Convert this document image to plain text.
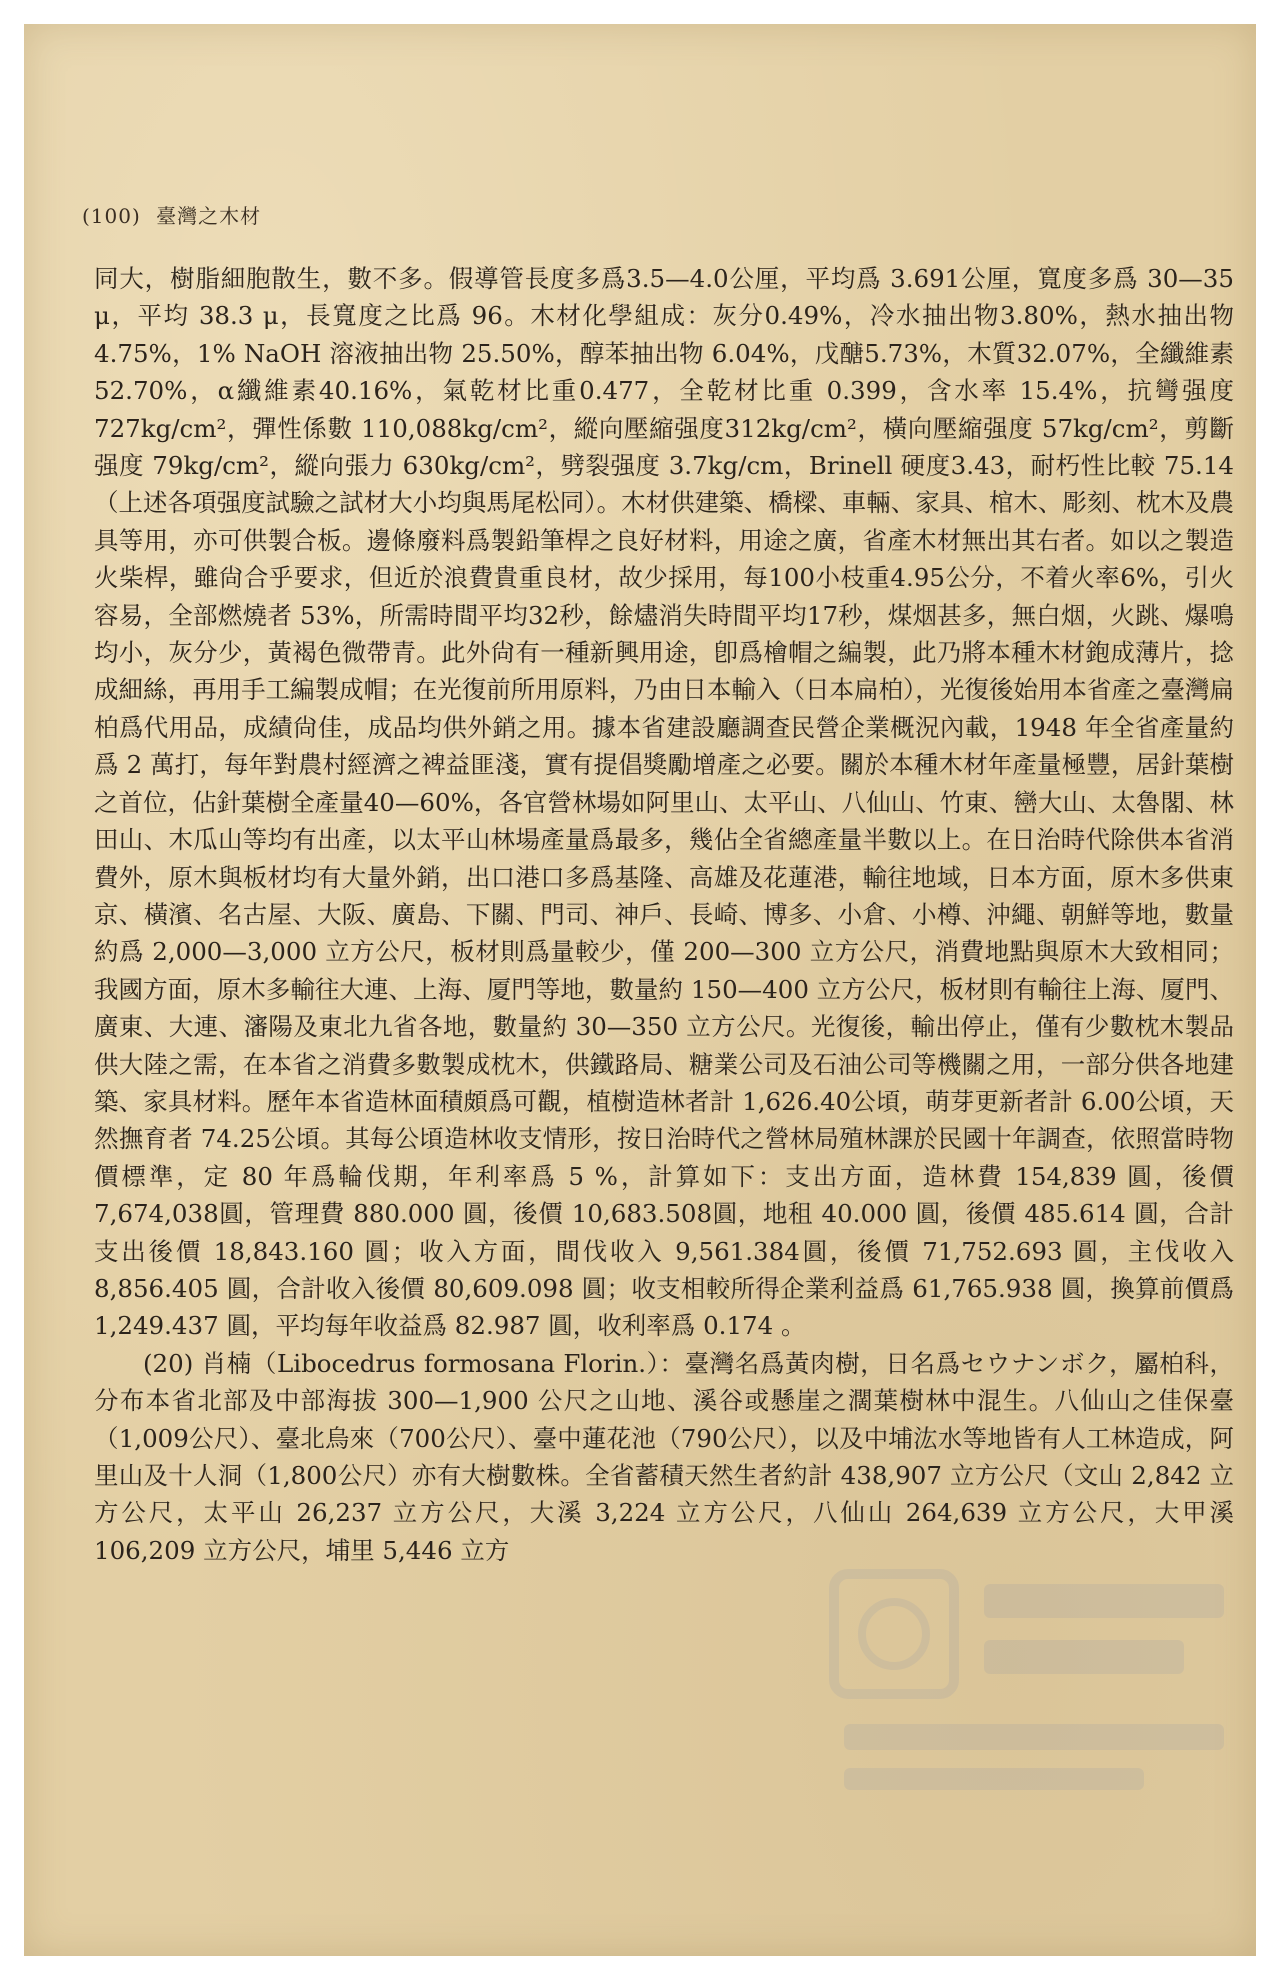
(100) 臺灣之木材

同大，樹脂細胞散生，數不多。假導管長度多爲3.5—4.0公厘，平均爲 3.691公厘，寬度多爲 30—35 μ，平均 38.3 μ，長寬度之比爲 96。木材化學組成：灰分0.49%，冷水抽出物3.80%，熱水抽出物 4.75%，1% NaOH 溶液抽出物 25.50%，醇苯抽出物 6.04%，戊醣5.73%，木質32.07%，全纖維素52.70%，α纖維素40.16%，氣乾材比重0.477，全乾材比重 0.399，含水率 15.4%，抗彎强度 727kg/cm²，彈性係數 110,088kg/cm²，縱向壓縮强度312kg/cm²，橫向壓縮强度 57kg/cm²，剪斷强度 79kg/cm²，縱向張力 630kg/cm²，劈裂强度 3.7kg/cm，Brinell 硬度3.43，耐朽性比較 75.14（上述各項强度試驗之試材大小均與馬尾松同）。木材供建築、橋樑、車輛、家具、棺木、彫刻、枕木及農具等用，亦可供製合板。邊條廢料爲製鉛筆桿之良好材料，用途之廣，省產木材無出其右者。如以之製造火柴桿，雖尙合乎要求，但近於浪費貴重良材，故少採用，每100小枝重4.95公分，不着火率6%，引火容易，全部燃燒者 53%，所需時間平均32秒，餘燼消失時間平均17秒，煤烟甚多，無白烟，火跳、爆鳴均小，灰分少，黃褐色微帶青。此外尙有一種新興用途，卽爲檜帽之編製，此乃將本種木材鉋成薄片，捻成細絲，再用手工編製成帽；在光復前所用原料，乃由日本輸入（日本扁柏），光復後始用本省產之臺灣扁柏爲代用品，成績尙佳，成品均供外銷之用。據本省建設廳調查民營企業概況內載，1948 年全省產量約爲 2 萬打，每年對農村經濟之裨益匪淺，實有提倡獎勵增產之必要。關於本種木材年產量極豐，居針葉樹之首位，佔針葉樹全產量40—60%，各官營林場如阿里山、太平山、八仙山、竹東、巒大山、太魯閣、林田山、木瓜山等均有出產，以太平山林場產量爲最多，幾佔全省總產量半數以上。在日治時代除供本省消費外，原木與板材均有大量外銷，出口港口多爲基隆、高雄及花蓮港，輸往地域，日本方面，原木多供東京、橫濱、名古屋、大阪、廣島、下關、門司、神戶、長崎、博多、小倉、小樽、沖繩、朝鮮等地，數量約爲 2,000—3,000 立方公尺，板材則爲量較少，僅 200—300 立方公尺，消費地點與原木大致相同；我國方面，原木多輸往大連、上海、厦門等地，數量約 150—400 立方公尺，板材則有輸往上海、厦門、廣東、大連、瀋陽及東北九省各地，數量約 30—350 立方公尺。光復後，輸出停止，僅有少數枕木製品供大陸之需，在本省之消費多數製成枕木，供鐵路局、糖業公司及石油公司等機關之用，一部分供各地建築、家具材料。歷年本省造林面積頗爲可觀，植樹造林者計 1,626.40公頃，萌芽更新者計 6.00公頃，天然撫育者 74.25公頃。其每公頃造林收支情形，按日治時代之營林局殖林課於民國十年調查，依照當時物價標準，定 80 年爲輪伐期，年利率爲 5 %，計算如下：支出方面，造林費 154,839 圓，後價7,674,038圓，管理費 880.000 圓，後價 10,683.508圓，地租 40.000 圓，後價 485.614 圓，合計支出後價 18,843.160 圓；收入方面，間伐收入 9,561.384圓，後價 71,752.693 圓，主伐收入 8,856.405 圓，合計收入後價 80,609.098 圓；收支相較所得企業利益爲 61,765.938 圓，換算前價爲 1,249.437 圓，平均每年收益爲 82.987 圓，收利率爲 0.174 。

(20) 肖楠（Libocedrus formosana Florin.）：臺灣名爲黃肉樹，日名爲セウナンボク，屬柏科，分布本省北部及中部海拔 300—1,900 公尺之山地、溪谷或懸崖之濶葉樹林中混生。八仙山之佳保臺（1,009公尺）、臺北烏來（700公尺）、臺中蓮花池（790公尺），以及中埔汯水等地皆有人工林造成，阿里山及十人洞（1,800公尺）亦有大樹數株。全省蓄積天然生者約計 438,907 立方公尺（文山 2,842 立方公尺，太平山 26,237 立方公尺，大溪 3,224 立方公尺，八仙山 264,639 立方公尺，大甲溪 106,209 立方公尺，埔里 5,446 立方
